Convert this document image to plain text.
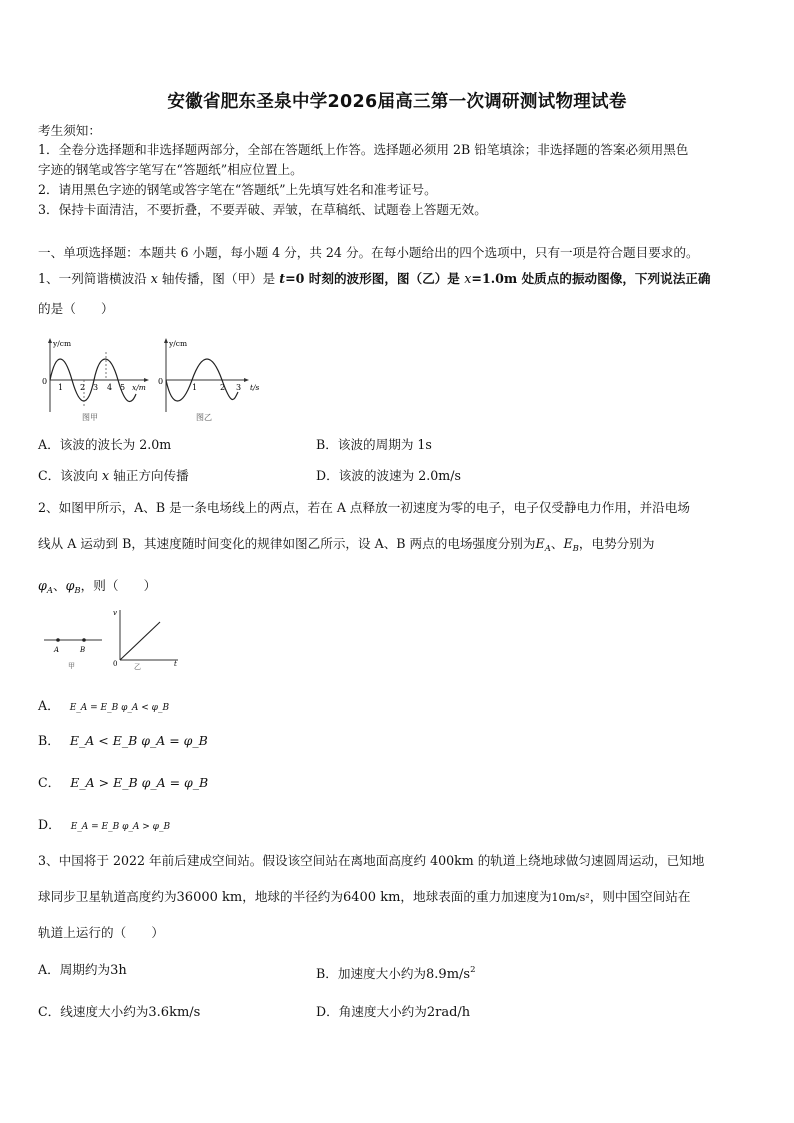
安徽省肥东圣泉中学2026届高三第一次调研测试物理试卷
考生须知：
1．全卷分选择题和非选择题两部分，全部在答题纸上作答。选择题必须用 2B 铅笔填涂；非选择题的答案必须用黑色
字迹的钢笔或答字笔写在“答题纸”相应位置上。
2．请用黑色字迹的钢笔或答字笔在“答题纸”上先填写姓名和准考证号。
3．保持卡面清洁，不要折叠，不要弄破、弄皱，在草稿纸、试题卷上答题无效。
一、单项选择题：本题共 6 小题，每小题 4 分，共 24 分。在每小题给出的四个选项中，只有一项是符合题目要求的。
1、一列简谐横波沿 x 轴传播，图（甲）是 t=0 时刻的波形图，图（乙）是 x=1.0m 处质点的振动图像，下列说法正确
的是（　　）
y/cm
0
1 2 3 4 5 x/m
图甲
y/cm
0
1	2 3 t/s
图乙
A．该波的波长为 2.0m	B．该波的周期为 1s
C．该波向 x 轴正方向传播	D．该波的波速为 2.0m/s
2、如图甲所示，A、B 是一条电场线上的两点，若在 A 点释放一初速度为零的电子，电子仅受静电力作用，并沿电场
线从 A 运动到 B，其速度随时间变化的规律如图乙所示，设 A、B 两点的电场强度分别为$E_A$、$E_B$，电势分别为
$\varphi_A$、$\varphi_B$，则（　　）
A	B
甲
v
0	t
乙
A． E_A = E_B φ_A < φ_B
B． E_A < E_B φ_A = φ_B
C． E_A > E_B φ_A = φ_B
D． E_A = E_B φ_A > φ_B
3、中国将于 2022 年前后建成空间站。假设该空间站在离地面高度约 400km 的轨道上绕地球做匀速圆周运动，已知地
球同步卫星轨道高度约为36000 km，地球的半径约为6400 km，地球表面的重力加速度为10m/s²，则中国空间站在
轨道上运行的（　　）
A．周期约为3h	B．加速度大小约为$8.9m/s^2$
C．线速度大小约为3.6km/s	D．角速度大小约为2rad/h
